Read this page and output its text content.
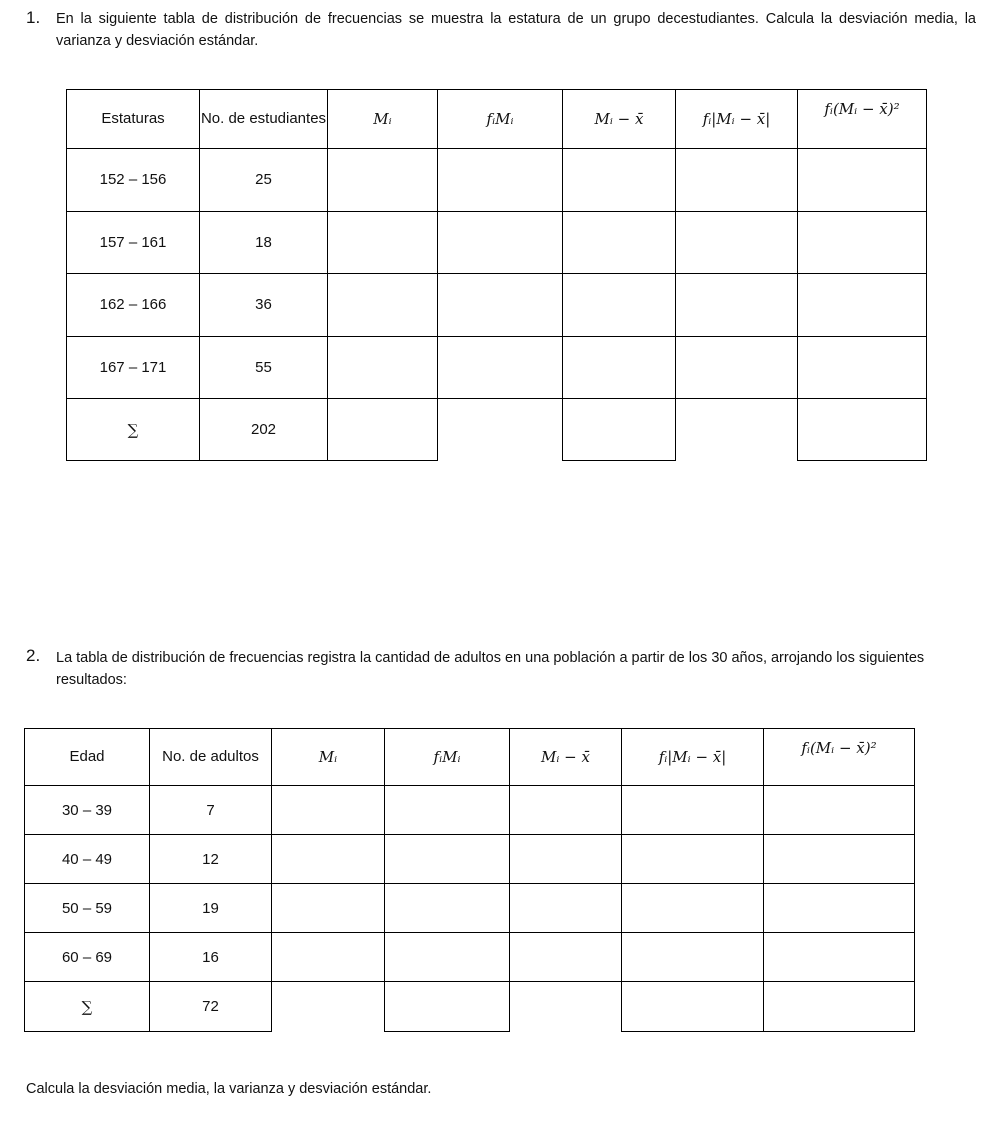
1. En la siguiente tabla de distribución de frecuencias se muestra la estatura de un grupo decestudiantes. Calcula la desviación media, la varianza y desviación estándar.
Estaturas	No. de estudiantes	Mᵢ	fᵢMᵢ	Mᵢ − x̄	fᵢ|Mᵢ − x̄|	fᵢ(Mᵢ − x̄)²
152 – 156	25					
157 – 161	18					
162 – 166	36					
167 – 171	55					
∑	202					
2. La tabla de distribución de frecuencias registra la cantidad de adultos en una población a partir de los 30 años, arrojando los siguientes resultados:
Edad	No. de adultos	Mᵢ	fᵢMᵢ	Mᵢ − x̄	fᵢ|Mᵢ − x̄|	fᵢ(Mᵢ − x̄)²
30 – 39	7					
40 – 49	12					
50 – 59	19					
60 – 69	16					
∑	72					
Calcula la desviación media, la varianza y desviación estándar.
